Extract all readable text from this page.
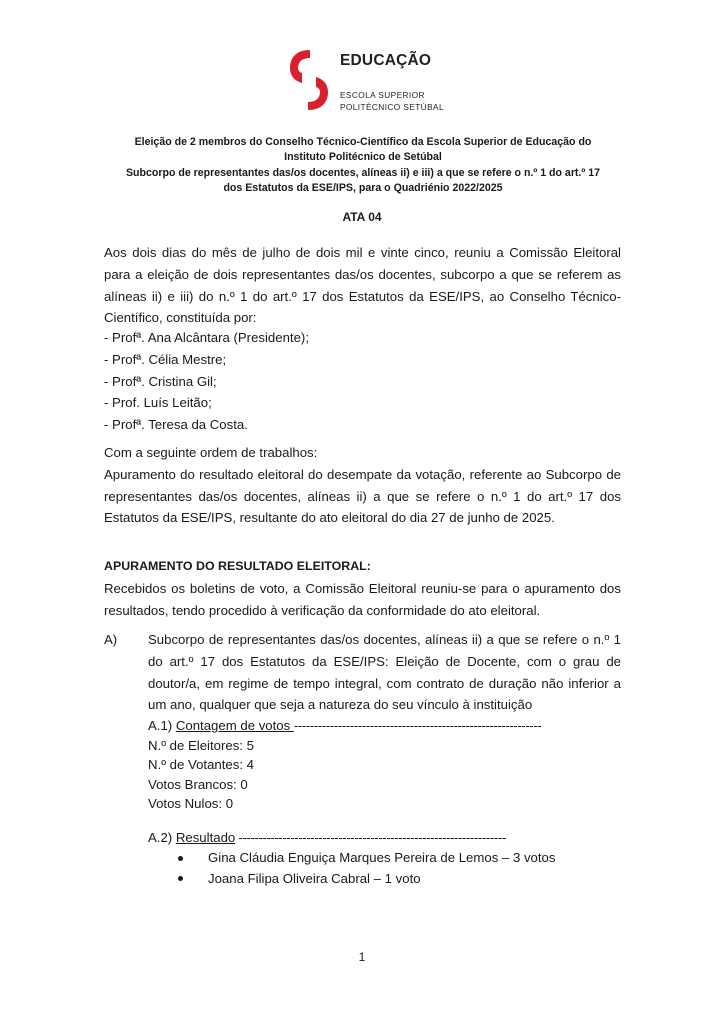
EDUCAÇÃO
ESCOLA SUPERIOR
POLITÉCNICO SETÚBAL
Eleição de 2 membros do Conselho Técnico-Científico da Escola Superior de Educação do
Instituto Politécnico de Setúbal
Subcorpo de representantes das/os docentes, alíneas ii) e iii) a que se refere o n.º 1 do art.º 17
dos Estatutos da ESE/IPS, para o Quadriénio 2022/2025
ATA 04

Aos dois dias do mês de julho de dois mil e vinte cinco, reuniu a Comissão Eleitoral para a eleição de dois representantes das/os docentes, subcorpo a que se referem as alíneas ii) e iii) do n.º 1 do art.º 17 dos Estatutos da ESE/IPS, ao Conselho Técnico-Científico, constituída por:

- Profª. Ana Alcântara (Presidente);
- Profª. Célia Mestre;
- Profª. Cristina Gil;
- Prof. Luís Leitão;
- Profª. Teresa da Costa.

Com a seguinte ordem de trabalhos:

Apuramento do resultado eleitoral do desempate da votação, referente ao Subcorpo de representantes das/os docentes, alíneas ii) a que se refere o n.º 1 do art.º 17 dos Estatutos da ESE/IPS, resultante do ato eleitoral do dia 27 de junho de 2025.

APURAMENTO DO RESULTADO ELEITORAL:

Recebidos os boletins de voto, a Comissão Eleitoral reuniu-se para o apuramento dos resultados, tendo procedido à verificação da conformidade do ato eleitoral.

A) Subcorpo de representantes das/os docentes, alíneas ii) a que se refere o n.º 1 do art.º 17 dos Estatutos da ESE/IPS: Eleição de Docente, com o grau de doutor/a, em regime de tempo integral, com contrato de duração não inferior a um ano, qualquer que seja a natureza do seu vínculo à instituição
A.1) Contagem de votos --------------------------------------------------------------
N.º de Eleitores: 5
N.º de Votantes: 4
Votos Brancos: 0
Votos Nulos: 0
A.2) Resultado -------------------------------------------------------------------
Gina Cláudia Enguiça Marques Pereira de Lemos – 3 votos
Joana Filipa Oliveira Cabral – 1 voto
1
